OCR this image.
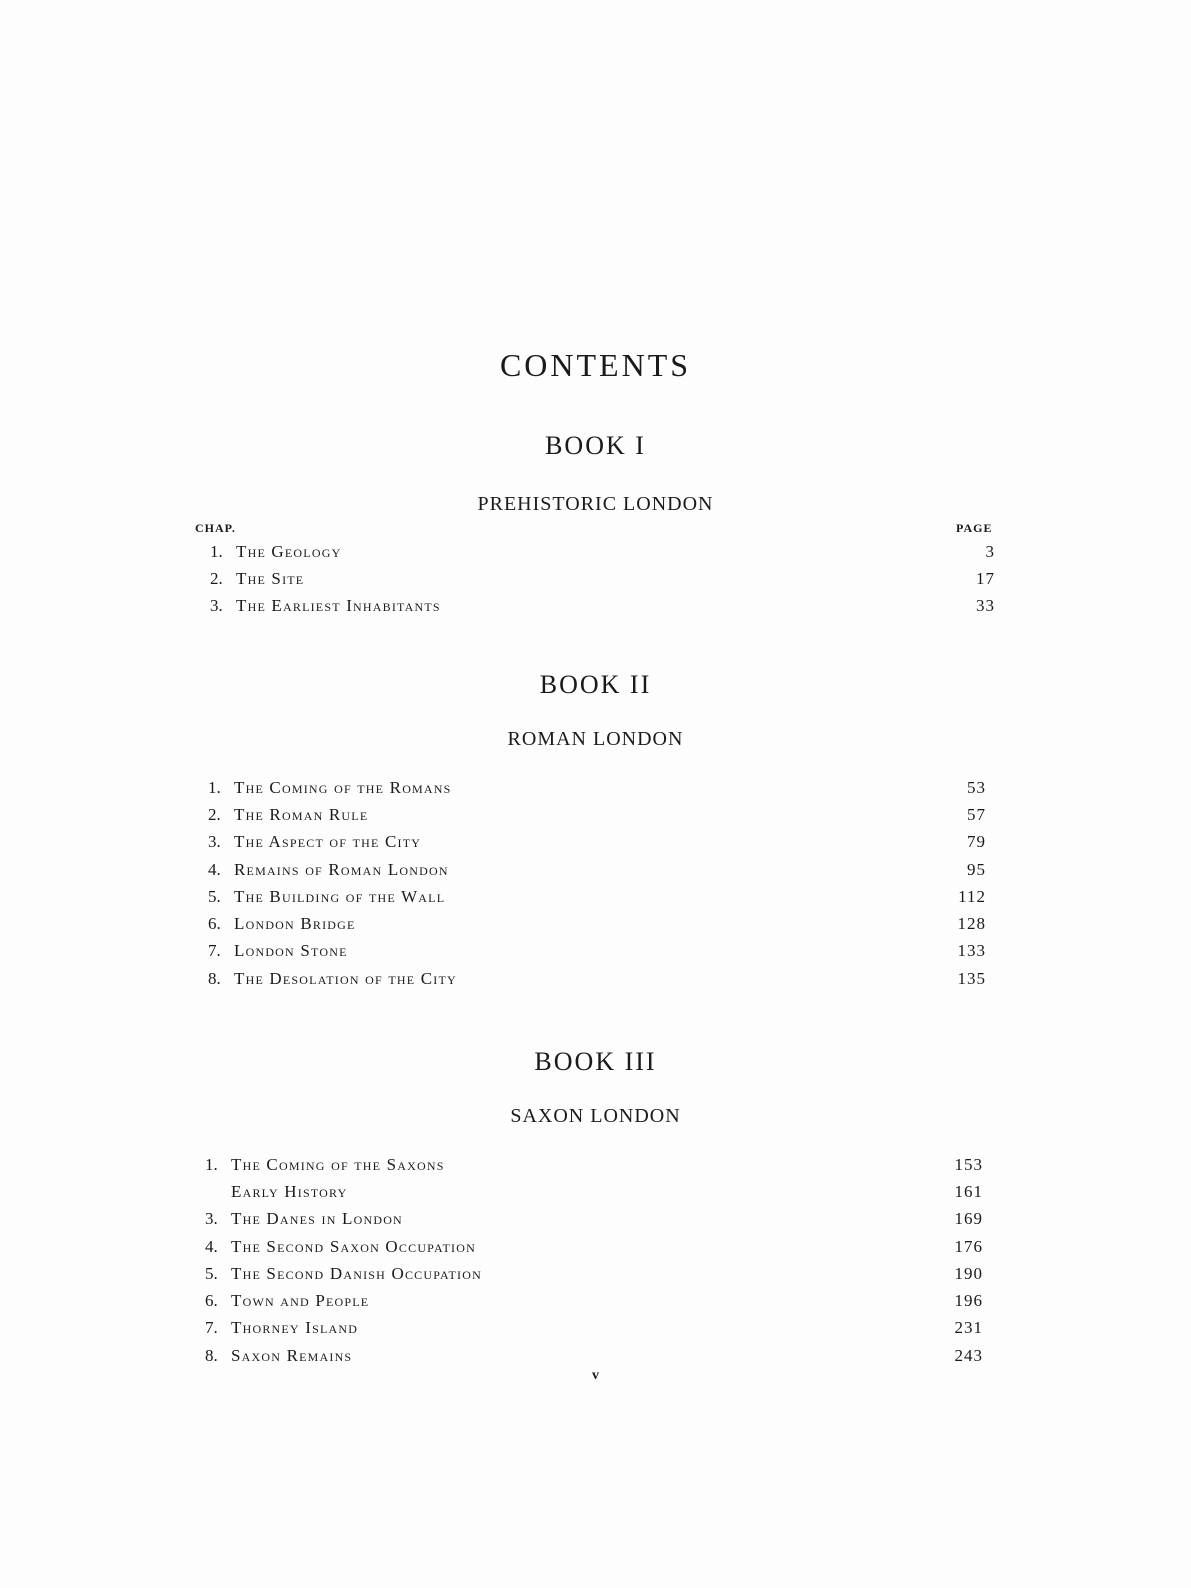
CONTENTS
BOOK I
PREHISTORIC LONDON
CHAP.	PAGE
1. The Geology	3
2. The Site	17
3. The Earliest Inhabitants	33
BOOK II
ROMAN LONDON
1. The Coming of the Romans	53
2. The Roman Rule	57
3. The Aspect of the City	79
4. Remains of Roman London	95
5. The Building of the Wall	112
6. London Bridge	128
7. London Stone	133
8. The Desolation of the City	135
BOOK III
SAXON LONDON
1. The Coming of the Saxons	153
Early History	161
3. The Danes in London	169
4. The Second Saxon Occupation	176
5. The Second Danish Occupation	190
6. Town and People	196
7. Thorney Island	231
8. Saxon Remains	243
v
